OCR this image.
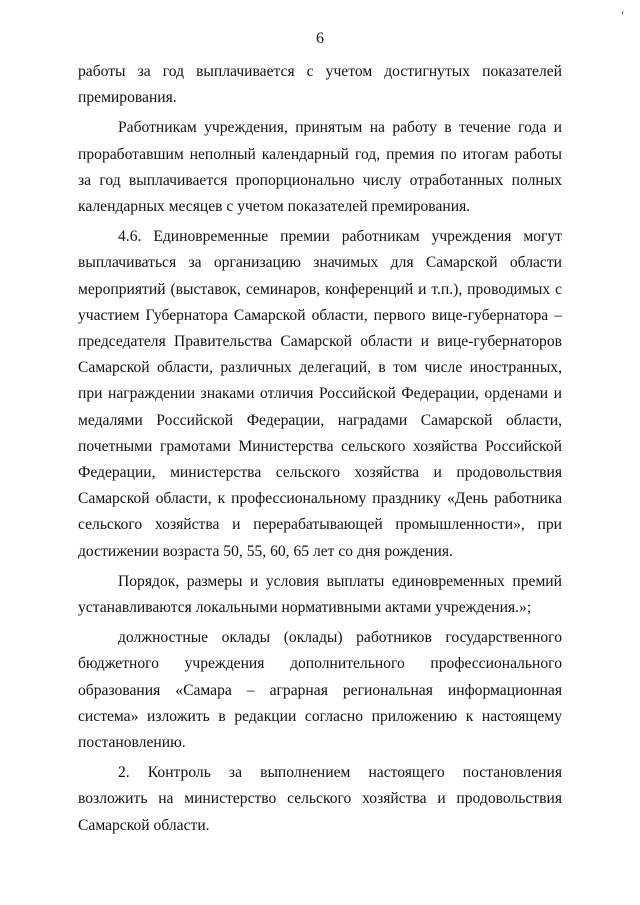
6
′

работы за год выплачивается с учетом достигнутых показателей премирования.

Работникам учреждения, принятым на работу в течение года и проработавшим неполный календарный год, премия по итогам работы за год выплачивается пропорционально числу отработанных полных календарных месяцев с учетом показателей премирования.

4.6. Единовременные премии работникам учреждения могут выплачиваться за организацию значимых для Самарской области мероприятий (выставок, семинаров, конференций и т.п.), проводимых с участием Губернатора Самарской области, первого вице-губернатора – председателя Правительства Самарской области и вице-губернаторов Самарской области, различных делегаций, в том числе иностранных, при награждении знаками отличия Российской Федерации, орденами и медалями Российской Федерации, наградами Самарской области, почетными грамотами Министерства сельского хозяйства Российской Федерации, министерства сельского хозяйства и продовольствия Самарской области, к профессиональному празднику «День работника сельского хозяйства и перерабатывающей промышленности», при достижении возраста 50, 55, 60, 65 лет со дня рождения.

Порядок, размеры и условия выплаты единовременных премий устанавливаются локальными нормативными актами учреждения.»;

должностные оклады (оклады) работников государственного бюджетного учреждения дополнительного профессионального образования «Самара – аграрная региональная информационная система» изложить в редакции согласно приложению к настоящему постановлению.

2. Контроль за выполнением настоящего постановления возложить на министерство сельского хозяйства и продовольствия Самарской области.
